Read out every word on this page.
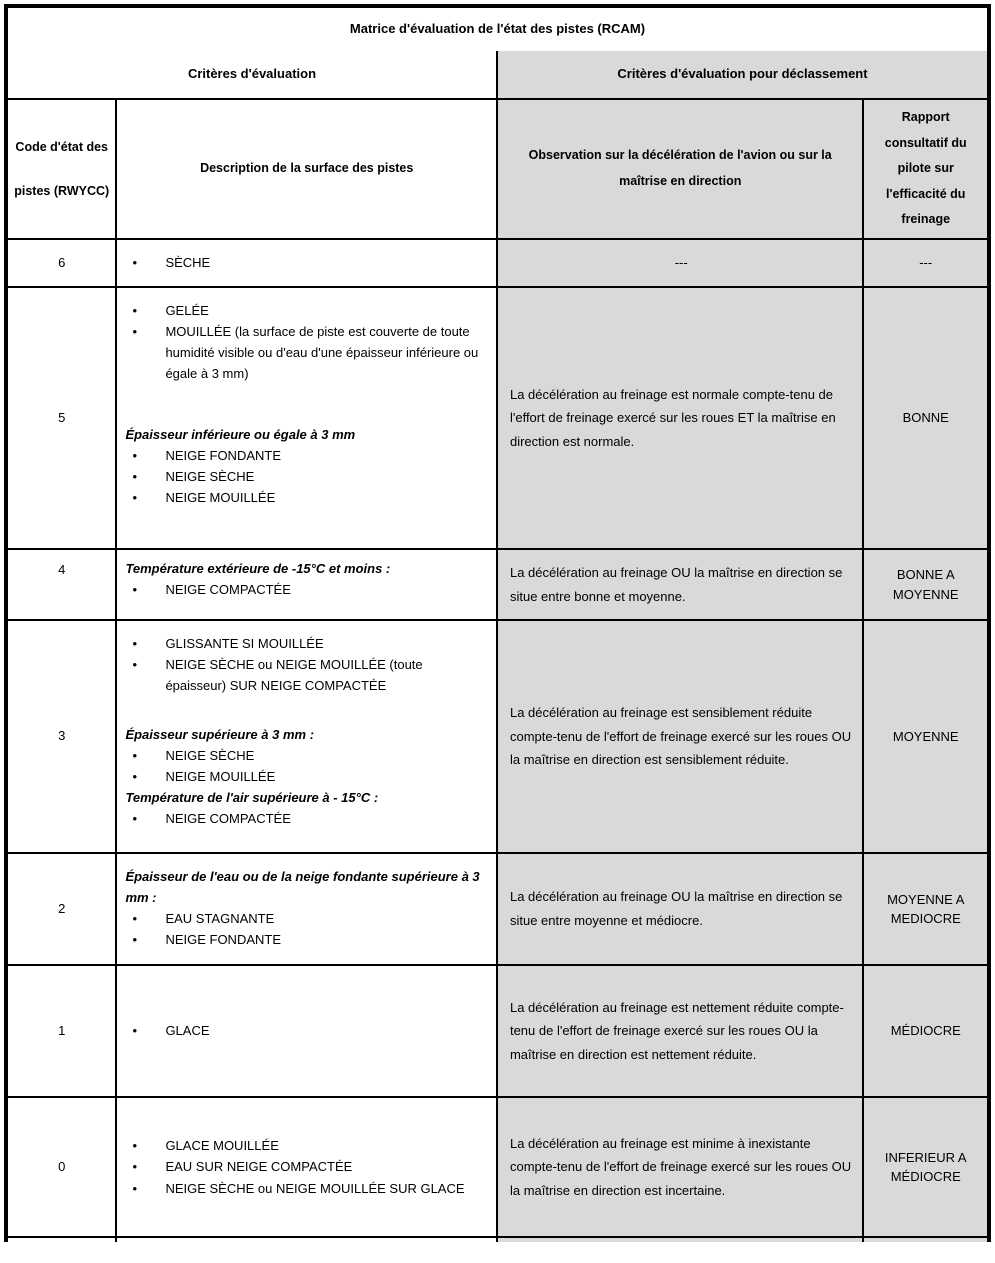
Matrice d'évaluation de l'état des pistes (RCAM)			
Critères d'évaluation		Critères d'évaluation pour déclassement	
Code d'état des pistes (RWYCC)	Description de la surface des pistes	Observation sur la décélération de l'avion ou sur la maîtrise en direction	Rapport consultatif du pilote sur l'efficacité du freinage
6	• SÈCHE	---	---
5	
• GELÉE
• MOUILLÉE (la surface de piste est couverte de toute humidité visible ou d'eau d'une épaisseur inférieure ou égale à 3 mm)
Épaisseur inférieure ou égale à 3 mm
• NEIGE FONDANTE
• NEIGE SÈCHE
• NEIGE MOUILLÉE
	La décélération au freinage est normale compte-tenu de l'effort de freinage exercé sur les roues ET la maîtrise en direction est normale.	BONNE
4	Température extérieure de -15°C et moins :
• NEIGE COMPACTÉE	La décélération au freinage OU la maîtrise en direction se situe entre bonne et moyenne.	BONNE A MOYENNE
3	
• GLISSANTE SI MOUILLÉE
• NEIGE SÈCHE ou NEIGE MOUILLÉE (toute épaisseur) SUR NEIGE COMPACTÉE
Épaisseur supérieure à 3 mm :
• NEIGE SÈCHE
• NEIGE MOUILLÉE
Température de l'air supérieure à - 15°C :
• NEIGE COMPACTÉE
	La décélération au freinage est sensiblement réduite compte-tenu de l'effort de freinage exercé sur les roues OU la maîtrise en direction est sensiblement réduite.	MOYENNE
2	Épaisseur de l'eau ou de la neige fondante supérieure à 3 mm :
• EAU STAGNANTE
• NEIGE FONDANTE	La décélération au freinage OU la maîtrise en direction se situe entre moyenne et médiocre.	MOYENNE A MEDIOCRE
1	• GLACE	La décélération au freinage est nettement réduite compte-tenu de l'effort de freinage exercé sur les roues OU la maîtrise en direction est nettement réduite.	MÉDIOCRE
0	• GLACE MOUILLÉE
• EAU SUR NEIGE COMPACTÉE
• NEIGE SÈCHE ou NEIGE MOUILLÉE SUR GLACE	La décélération au freinage est minime à inexistante compte-tenu de l'effort de freinage exercé sur les roues OU la maîtrise en direction est incertaine.	INFERIEUR A MÉDIOCRE
